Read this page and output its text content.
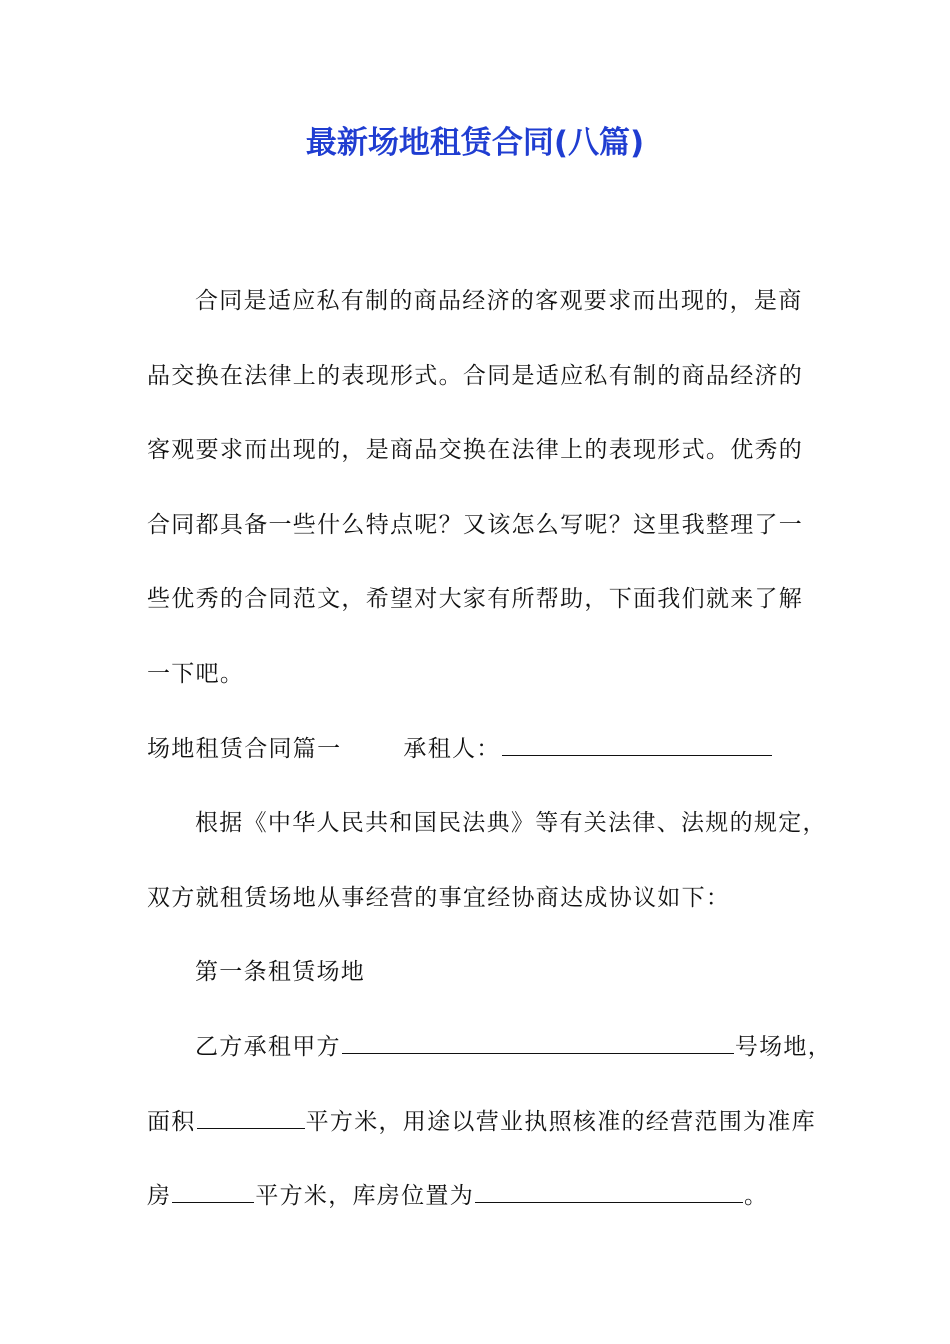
最新场地租赁合同(八篇)
合同是适应私有制的商品经济的客观要求而出现的，是商
品交换在法律上的表现形式。合同是适应私有制的商品经济的
客观要求而出现的，是商品交换在法律上的表现形式。优秀的
合同都具备一些什么特点呢？又该怎么写呢？这里我整理了一
些优秀的合同范文，希望对大家有所帮助，下面我们就来了解
一下吧。
场地租赁合同篇一	承租人：
根据《中华人民共和国民法典》等有关法律、法规的规定，
双方就租赁场地从事经营的事宜经协商达成协议如下：
第一条租赁场地
乙方承租甲方	号场地，
面积	平方米，用途以营业执照核准的经营范围为准库
房	平方米，库房位置为	。
